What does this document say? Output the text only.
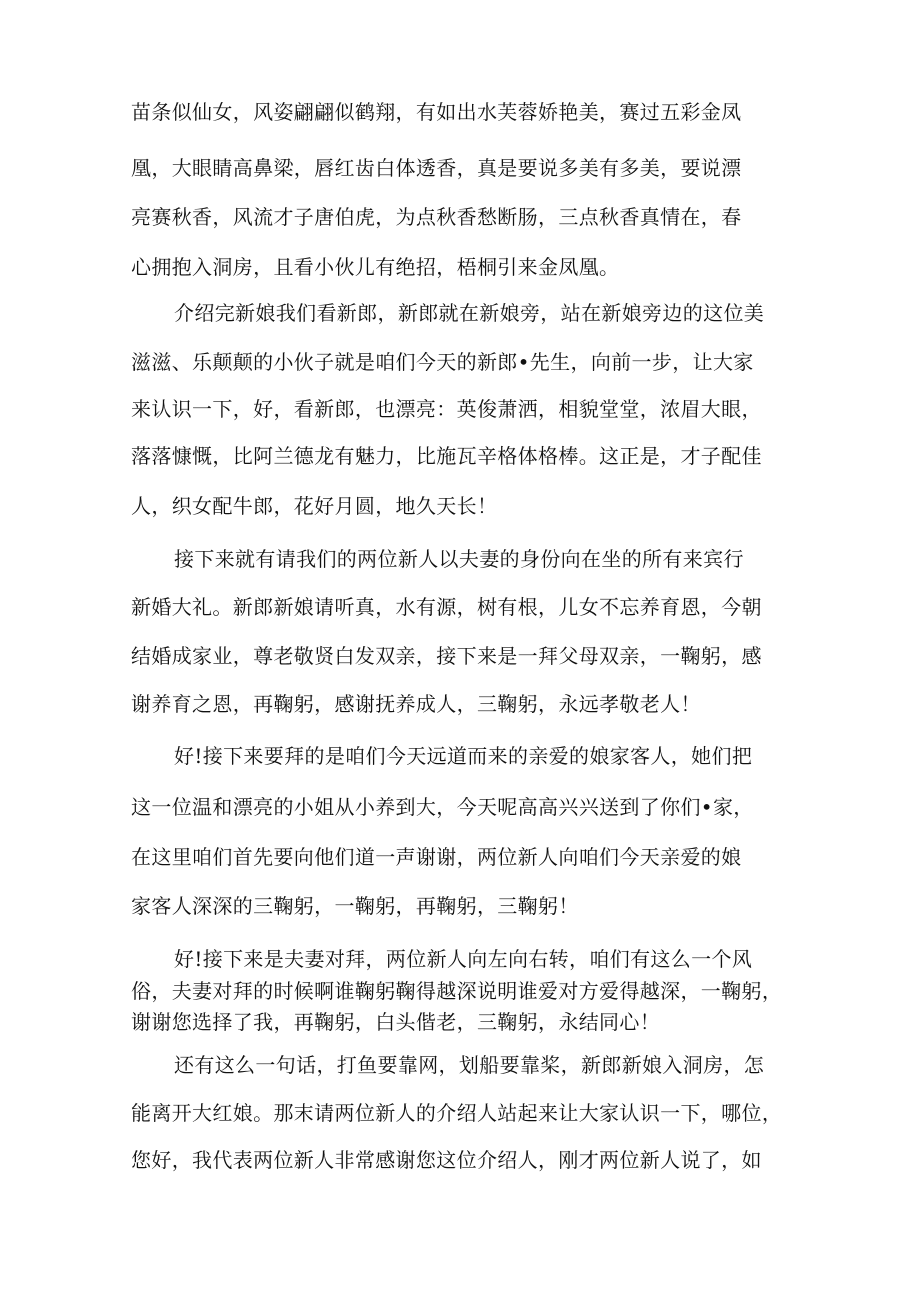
苗条似仙女，风姿翩翩似鹤翔，有如出水芙蓉娇艳美，赛过五彩金凤
凰，大眼睛高鼻梁，唇红齿白体透香，真是要说多美有多美，要说漂
亮赛秋香，风流才子唐伯虎，为点秋香愁断肠，三点秋香真情在，春
心拥抱入洞房，且看小伙儿有绝招，梧桐引来金凤凰。
介绍完新娘我们看新郎，新郎就在新娘旁，站在新娘旁边的这位美
滋滋、乐颠颠的小伙子就是咱们今天的新郎•先生，向前一步，让大家
来认识一下，好，看新郎，也漂亮：英俊萧洒，相貌堂堂，浓眉大眼，
落落慷慨，比阿兰德龙有魅力，比施瓦辛格体格棒。这正是，才子配佳
人，织女配牛郎，花好月圆，地久天长！
接下来就有请我们的两位新人以夫妻的身份向在坐的所有来宾行
新婚大礼。新郎新娘请听真，水有源，树有根，儿女不忘养育恩，今朝
结婚成家业，尊老敬贤白发双亲，接下来是一拜父母双亲，一鞠躬，感
谢养育之恩，再鞠躬，感谢抚养成人，三鞠躬，永远孝敬老人！
好!接下来要拜的是咱们今天远道而来的亲爱的娘家客人，她们把
这一位温和漂亮的小姐从小养到大，今天呢高高兴兴送到了你们•家，
在这里咱们首先要向他们道一声谢谢，两位新人向咱们今天亲爱的娘
家客人深深的三鞠躬，一鞠躬，再鞠躬，三鞠躬！
好!接下来是夫妻对拜，两位新人向左向右转，咱们有这么一个风
俗，夫妻对拜的时候啊谁鞠躬鞠得越深说明谁爱对方爱得越深，一鞠躬，
谢谢您选择了我，再鞠躬，白头偕老，三鞠躬，永结同心！
还有这么一句话，打鱼要靠网，划船要靠桨，新郎新娘入洞房，怎
能离开大红娘。那末请两位新人的介绍人站起来让大家认识一下，哪位，
您好，我代表两位新人非常感谢您这位介绍人，刚才两位新人说了，如
